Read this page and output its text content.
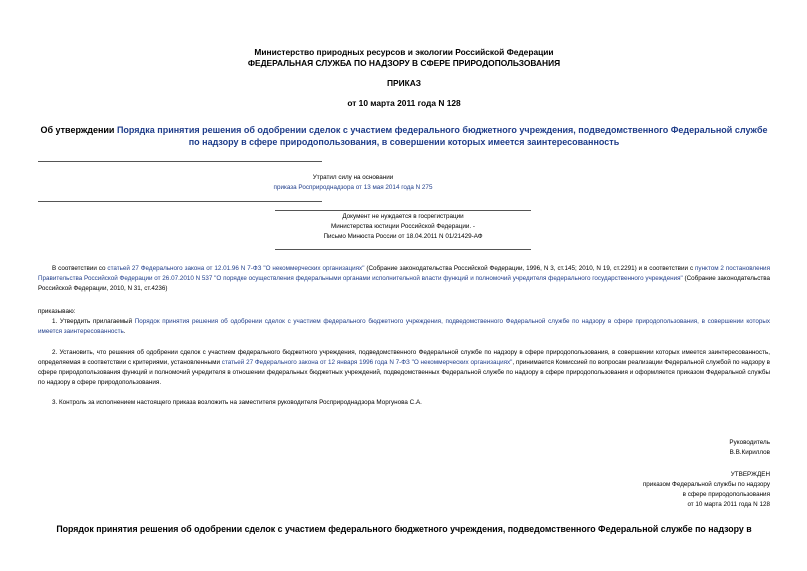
Министерство природных ресурсов и экологии Российской Федерации
ФЕДЕРАЛЬНАЯ СЛУЖБА ПО НАДЗОРУ В СФЕРЕ ПРИРОДОПОЛЬЗОВАНИЯ
ПРИКАЗ
от 10 марта 2011 года N 128
Об утверждении Порядка принятия решения об одобрении сделок с участием федерального бюджетного учреждения, подведомственного Федеральной службе по надзору в сфере природопользования, в совершении которых имеется заинтересованность
Утратил силу на основании
приказа Росприроднадзора от 13 мая 2014 года N 275
Документ не нуждается в госрегистрации
Министерства юстиции Российской Федерации. -
Письмо Минюста России от 18.04.2011 N 01/21429-АФ
В соответствии со статьей 27 Федерального закона от 12.01.96 N 7-ФЗ "О некоммерческих организациях" (Собрание законодательства Российской Федерации, 1996, N 3, ст.145; 2010, N 19, ст.2291) и в соответствии с пунктом 2 постановления Правительства Российской Федерации от 26.07.2010 N 537 "О порядке осуществления федеральными органами исполнительной власти функций и полномочий учредителя федерального государственного учреждения" (Собрание законодательства Российской Федерации, 2010, N 31, ст.4236)
приказываю:
1. Утвердить прилагаемый Порядок принятия решения об одобрении сделок с участием федерального бюджетного учреждения, подведомственного Федеральной службе по надзору в сфере природопользования, в совершении которых имеется заинтересованность.
2. Установить, что решения об одобрении сделок с участием федерального бюджетного учреждения, подведомственного Федеральной службе по надзору в сфере природопользования, в совершении которых имеется заинтересованность, определяемая в соответствии с критериями, установленными статьей 27 Федерального закона от 12 января 1996 года N 7-ФЗ "О некоммерческих организациях", принимается Комиссией по вопросам реализации Федеральной службой по надзору в сфере природопользования функций и полномочий учредителя в отношении федеральных бюджетных учреждений, подведомственных Федеральной службе по надзору в сфере природопользования и оформляется приказом Федеральной службы по надзору в сфере природопользования.
3. Контроль за исполнением настоящего приказа возложить на заместителя руководителя Росприроднадзора Моргунова С.А.
Руководитель
В.В.Кириллов
УТВЕРЖДЕН
приказом Федеральной службы по надзору
в сфере природопользования
от 10 марта 2011 года N 128
Порядок принятия решения об одобрении сделок с участием федерального бюджетного учреждения, подведомственного Федеральной службе по надзору в
